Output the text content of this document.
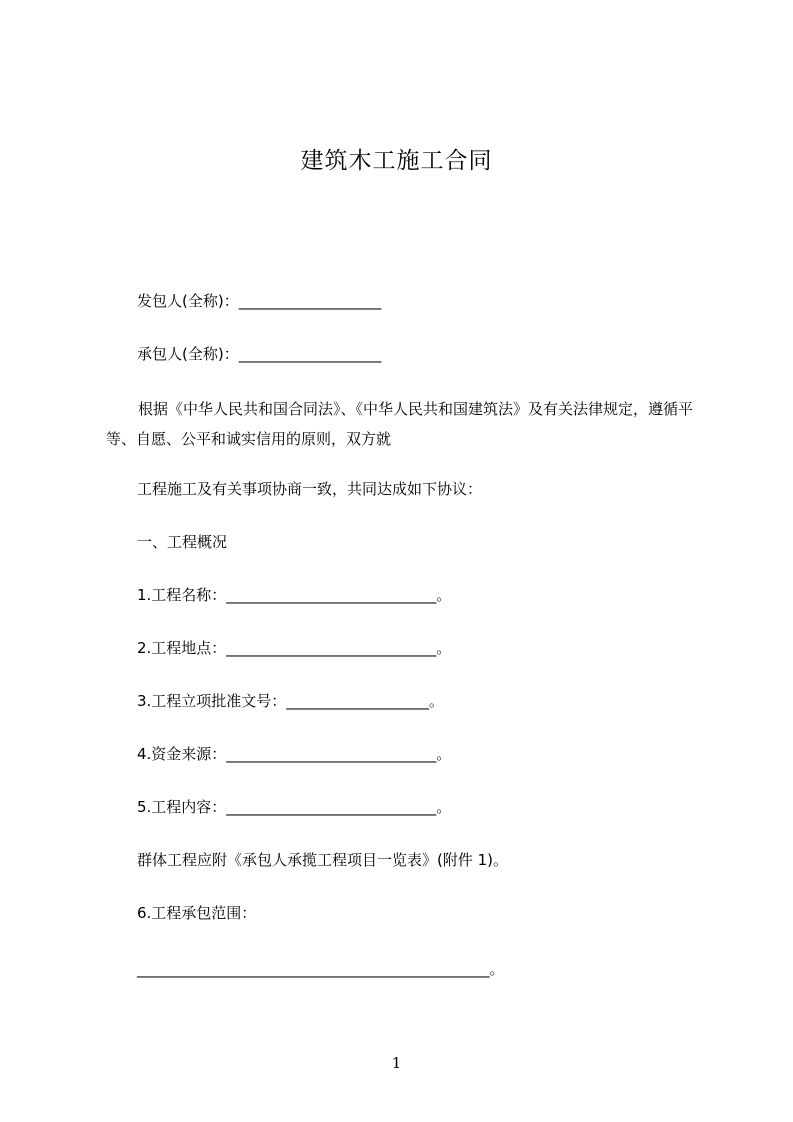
建筑木工施工合同
发包人(全称)：___________________
承包人(全称)：___________________
根据《中华人民共和国合同法》、《中华人民共和国建筑法》及有关法律规定，遵循平等、自愿、公平和诚实信用的原则，双方就
工程施工及有关事项协商一致，共同达成如下协议：
一、工程概况
1.工程名称：____________________________。
2.工程地点：____________________________。
3.工程立项批准文号：___________________。
4.资金来源：____________________________。
5.工程内容：____________________________。
群体工程应附《承包人承揽工程项目一览表》(附件 1)。
6.工程承包范围：
_______________________________________________。
1
